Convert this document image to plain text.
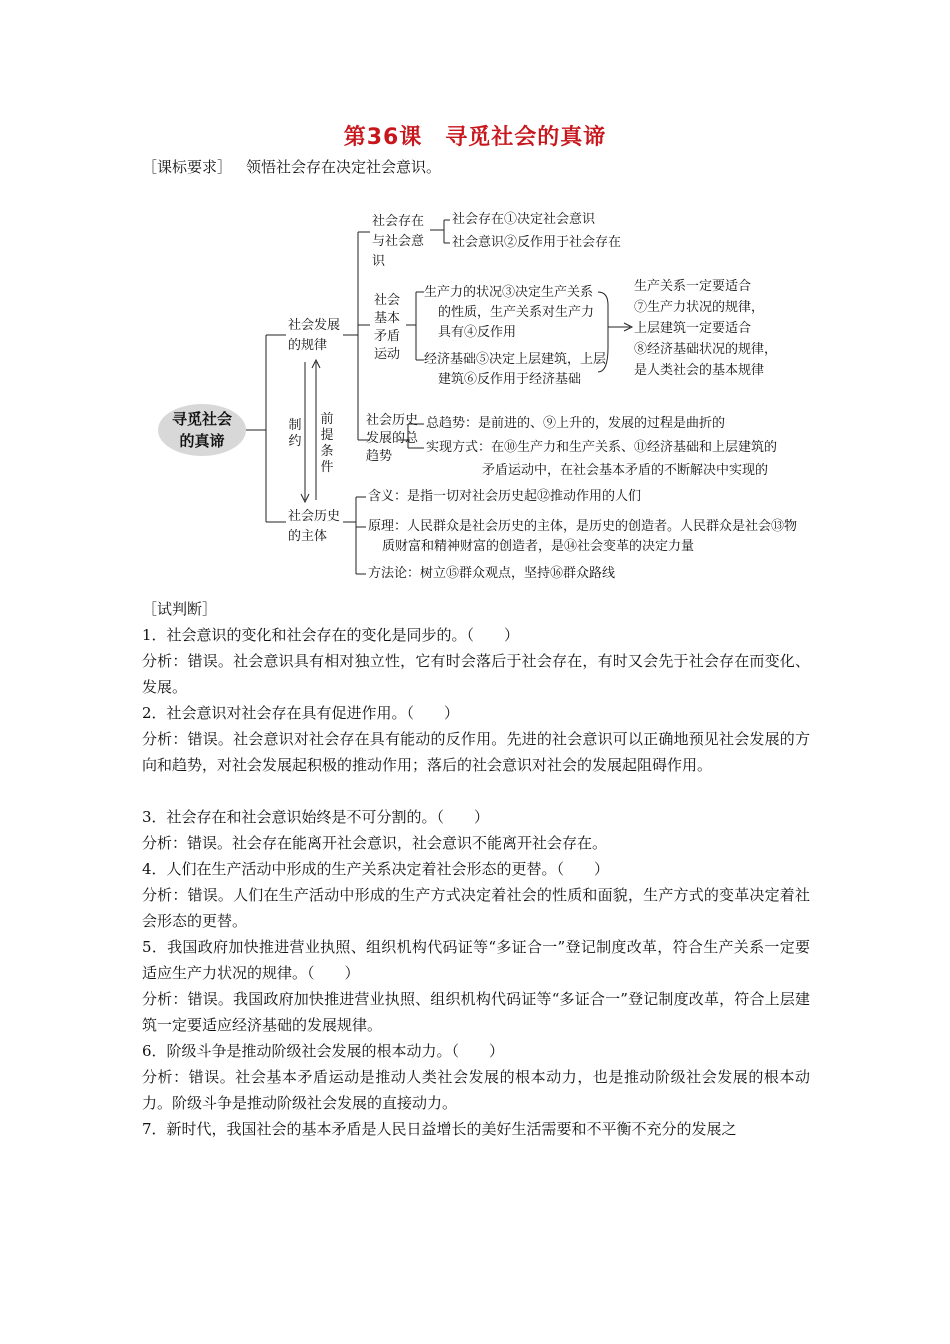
第36课　寻觅社会的真谛
［课标要求］ 领悟社会存在决定社会意识。
寻觅社会的真谛
社会发展的规律
社会历史的主体
制约
前提条件
社会存在与社会意识
社会存在①决定社会意识
社会意识②反作用于社会存在
社会基本矛盾运动
生产力的状况③决定生产关系
的性质，生产关系对生产力
具有④反作用
经济基础⑤决定上层建筑，上层
建筑⑥反作用于经济基础
生产关系一定要适合
⑦生产力状况的规律，
上层建筑一定要适合
⑧经济基础状况的规律，
是人类社会的基本规律
社会历史发展的总趋势
总趋势：是前进的、⑨上升的，发展的过程是曲折的
实现方式：在⑩生产力和生产关系、⑪经济基础和上层建筑的
矛盾运动中，在社会基本矛盾的不断解决中实现的
含义：是指一切对社会历史起⑫推动作用的人们
原理：人民群众是社会历史的主体，是历史的创造者。人民群众是社会⑬物
质财富和精神财富的创造者，是⑭社会变革的决定力量
方法论：树立⑮群众观点，坚持⑯群众路线

［试判断］

1．社会意识的变化和社会存在的变化是同步的。（　　）

分析：错误。社会意识具有相对独立性，它有时会落后于社会存在，有时又会先于社会存在而变化、发展。

2．社会意识对社会存在具有促进作用。（　　）

分析：错误。社会意识对社会存在具有能动的反作用。先进的社会意识可以正确地预见社会发展的方向和趋势，对社会发展起积极的推动作用；落后的社会意识对社会的发展起阻碍作用。

3．社会存在和社会意识始终是不可分割的。（　　）

分析：错误。社会存在能离开社会意识，社会意识不能离开社会存在。

4．人们在生产活动中形成的生产关系决定着社会形态的更替。（　　）

分析：错误。人们在生产活动中形成的生产方式决定着社会的性质和面貌，生产方式的变革决定着社会形态的更替。

5．我国政府加快推进营业执照、组织机构代码证等“多证合一”登记制度改革，符合生产关系一定要适应生产力状况的规律。（　　）

分析：错误。我国政府加快推进营业执照、组织机构代码证等“多证合一”登记制度改革，符合上层建筑一定要适应经济基础的发展规律。

6．阶级斗争是推动阶级社会发展的根本动力。（　　）

分析：错误。社会基本矛盾运动是推动人类社会发展的根本动力，也是推动阶级社会发展的根本动力。阶级斗争是推动阶级社会发展的直接动力。

7．新时代，我国社会的基本矛盾是人民日益增长的美好生活需要和不平衡不充分的发展之
